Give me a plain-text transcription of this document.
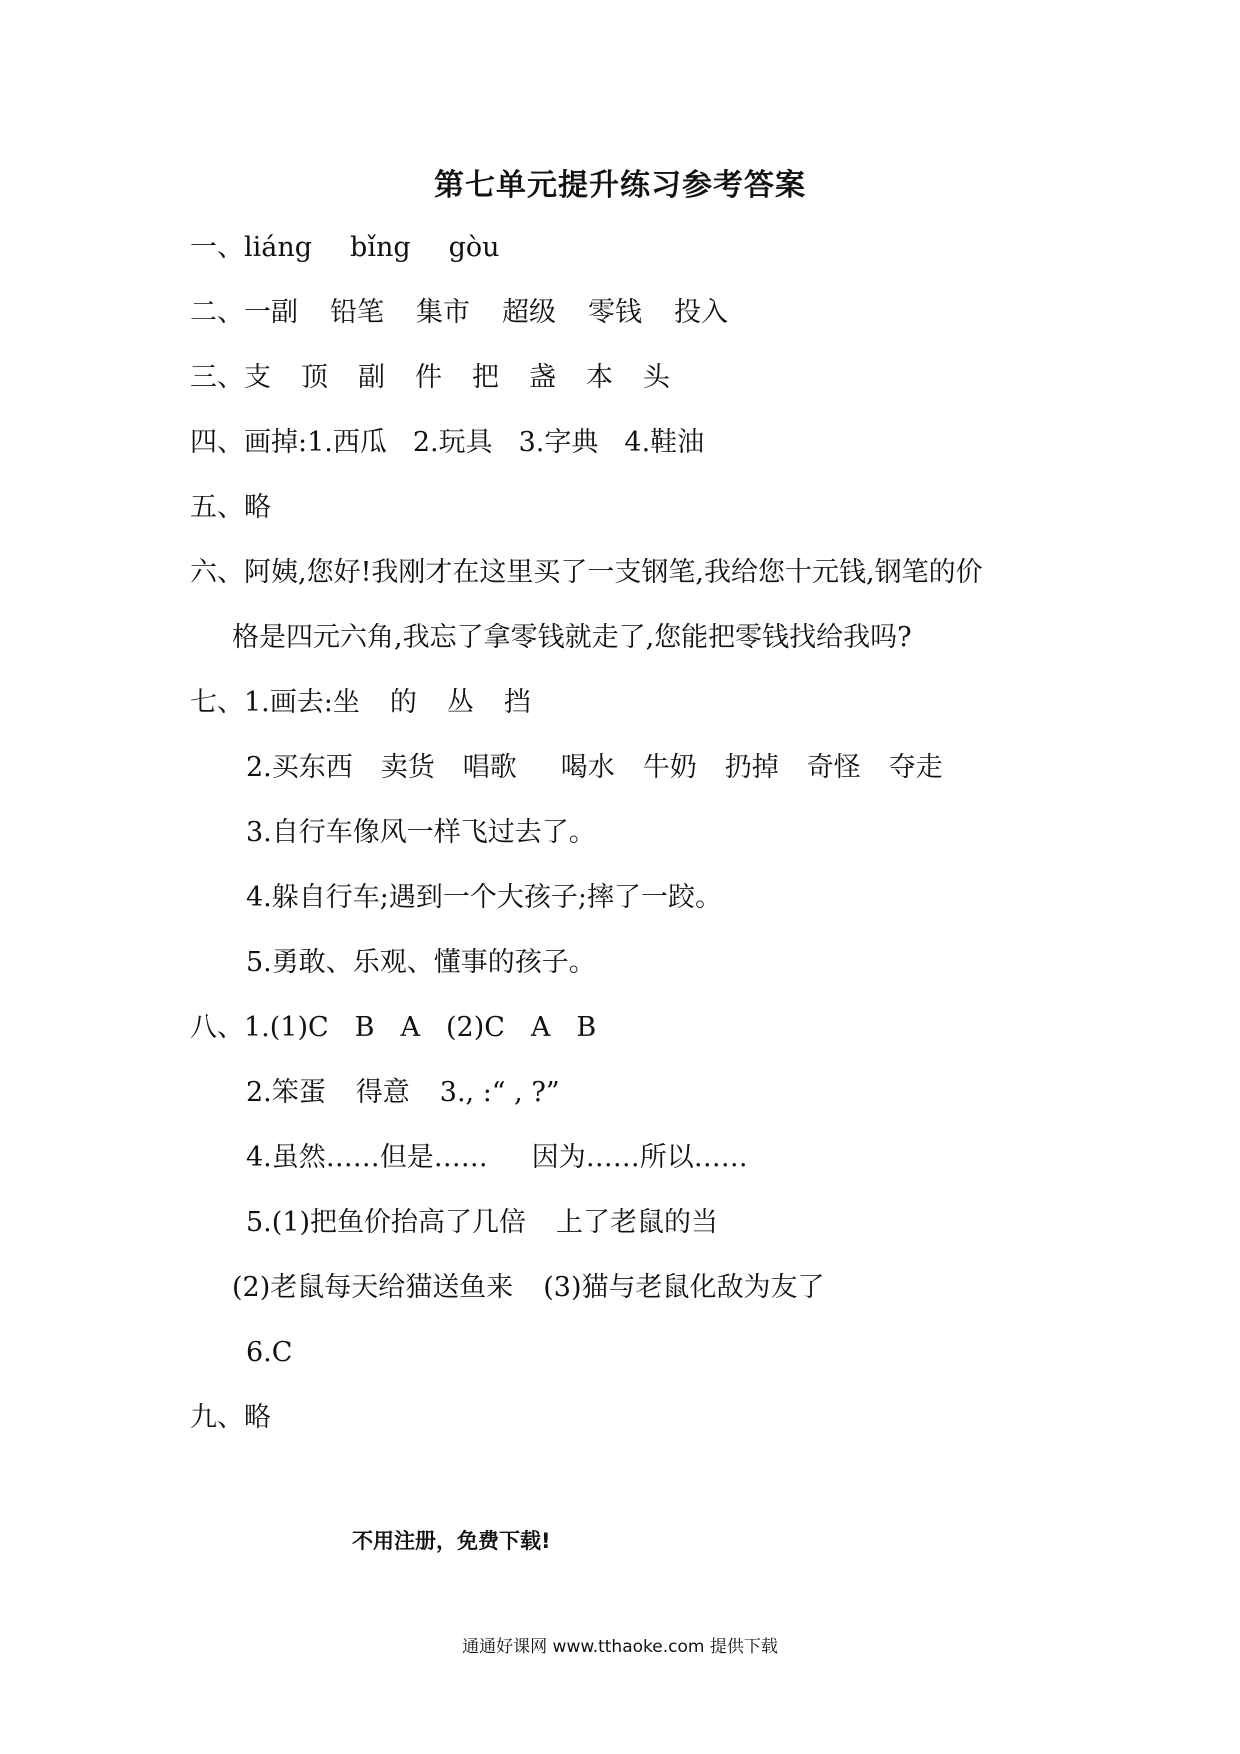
第七单元提升练习参考答案
一、liáng bǐng gòu
二、一副 铅笔 集市 超级 零钱 投入
三、支 顶 副 件 把 盏 本 头
四、画掉:1.西瓜 2.玩具 3.字典 4.鞋油
五、略
六、阿姨,您好!我刚才在这里买了一支钢笔,我给您十元钱,钢笔的价
格是四元六角,我忘了拿零钱就走了,您能把零钱找给我吗?
七、1.画去:坐 的 丛 挡
2.买东西 卖货 唱歌 喝水 牛奶 扔掉 奇怪 夺走
3.自行车像风一样飞过去了。
4.躲自行车;遇到一个大孩子;摔了一跤。
5.勇敢、乐观、懂事的孩子。
八、1.(1)C B A (2)C A B
2.笨蛋 得意 3., :“ , ?”
4.虽然……但是…… 因为……所以……
5.(1)把鱼价抬高了几倍 上了老鼠的当
(2)老鼠每天给猫送鱼来 (3)猫与老鼠化敌为友了
6.C
九、略
不用注册，免费下载!
通通好课网 www.tthaoke.com 提供下载
